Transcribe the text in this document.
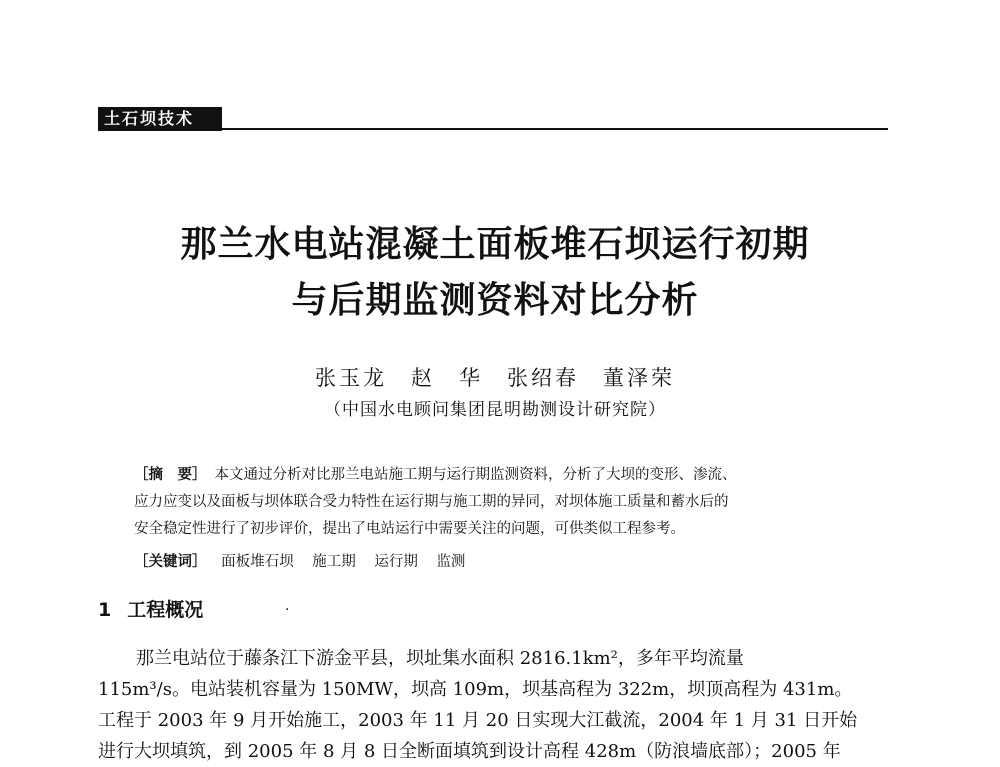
土石坝技术
那兰水电站混凝土面板堆石坝运行初期
与后期监测资料对比分析
张玉龙　赵　华　张绍春　董泽荣
（中国水电顾问集团昆明勘测设计研究院）
［摘　要］ 本文通过分析对比那兰电站施工期与运行期监测资料，分析了大坝的变形、渗流、
应力应变以及面板与坝体联合受力特性在运行期与施工期的异同，对坝体施工质量和蓄水后的
安全稳定性进行了初步评价，提出了电站运行中需要关注的问题，可供类似工程参考。
［关键词］ 面板堆石坝 施工期 运行期 监测
1 工程概况	·
那兰电站位于藤条江下游金平县，坝址集水面积 2816.1km²，多年平均流量
115m³/s。电站装机容量为 150MW，坝高 109m，坝基高程为 322m，坝顶高程为 431m。
工程于 2003 年 9 月开始施工，2003 年 11 月 20 日实现大江截流，2004 年 1 月 31 日开始
进行大坝填筑，到 2005 年 8 月 8 日全断面填筑到设计高程 428m（防浪墙底部）；2005 年
